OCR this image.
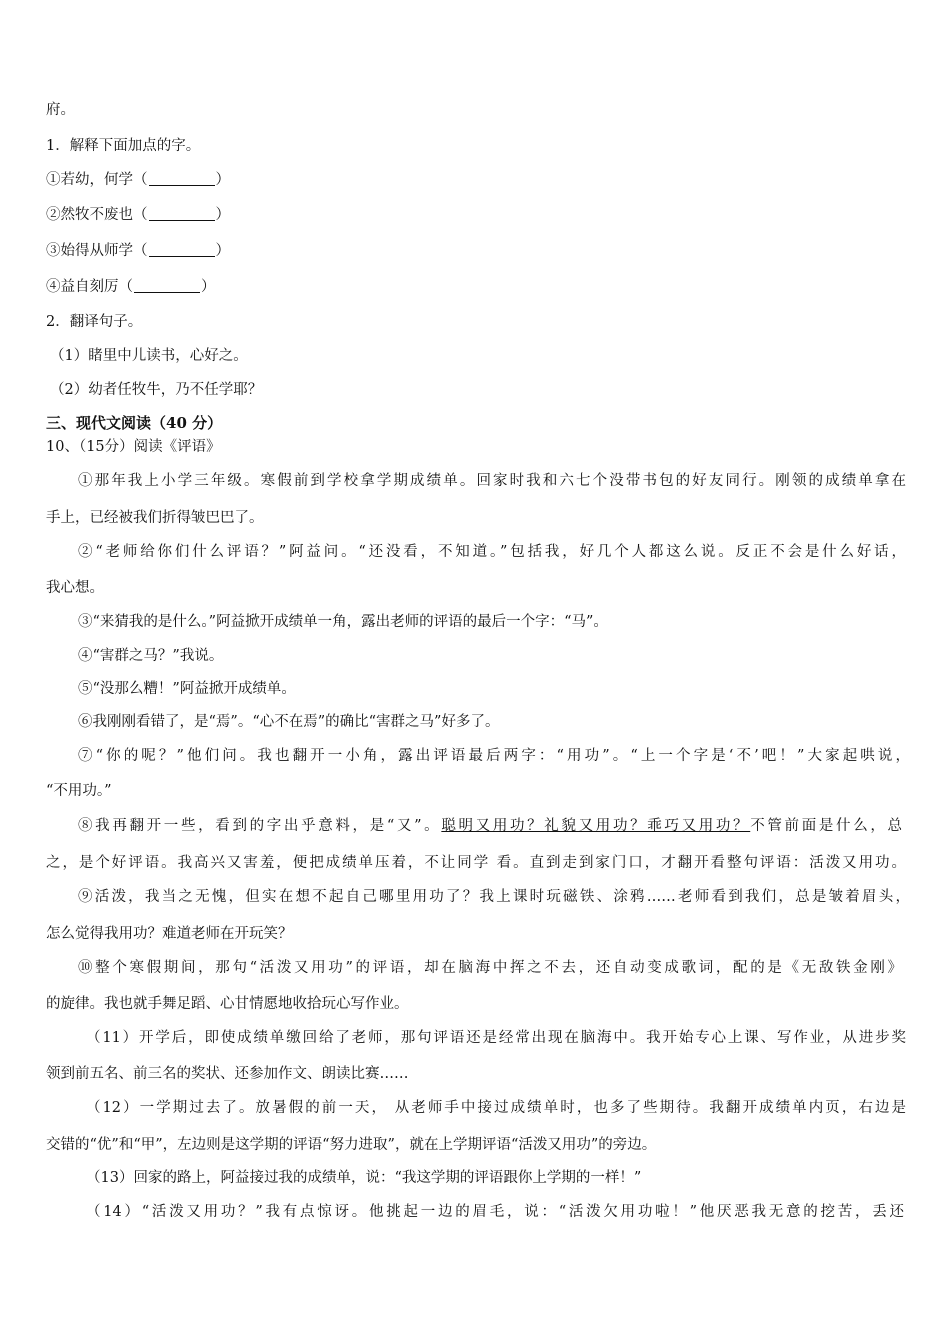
府。
1．解释下面加点的字。
①若幼，何学（	）
②然牧不废也（	）
③始得从师学（	）
④益自刻厉（	）
2．翻译句子。
（1）睹里中儿读书，心好之。
（2）幼者任牧牛，乃不任学耶？
三、现代文阅读（40 分）
10、（15分）阅读《评语》
①那年我上小学三年级。寒假前到学校拿学期成绩单。回家时我和六七个没带书包的好友同行。刚领的成绩单拿在
手上，已经被我们折得皱巴巴了。
②“老师给你们什么评语？”阿益问。“还没看，不知道。”包括我，好几个人都这么说。反正不会是什么好话，
我心想。
③“来猜我的是什么。”阿益掀开成绩单一角，露出老师的评语的最后一个字：“马”。
④“害群之马？”我说。
⑤“没那么糟！”阿益掀开成绩单。
⑥我刚刚看错了，是“焉”。“心不在焉”的确比“害群之马”好多了。
⑦“你的呢？”他们问。我也翻开一小角，露出评语最后两字：“用功”。“上一个字是‘不’吧！”大家起哄说，
“不用功。”
⑧我再翻开一些，看到的字出乎意料，是“又”。聪明又用功？礼貌又用功？乖巧又用功？不管前面是什么，总
之，是个好评语。我高兴又害羞，便把成绩单压着，不让同学 看。直到走到家门口，才翻开看整句评语：活泼又用功。
⑨活泼，我当之无愧，但实在想不起自己哪里用功了？我上课时玩磁铁、涂鸦……老师看到我们，总是皱着眉头，
怎么觉得我用功？难道老师在开玩笑？
⑩整个寒假期间，那句“活泼又用功”的评语，却在脑海中挥之不去，还自动变成歌词，配的是《无敌铁金刚》
的旋律。我也就手舞足蹈、心甘情愿地收拾玩心写作业。
（11）开学后，即使成绩单缴回给了老师，那句评语还是经常出现在脑海中。我开始专心上课、写作业，从进步奖
领到前五名、前三名的奖状、还参加作文、朗读比赛……
（12）一学期过去了。放暑假的前一天， 从老师手中接过成绩单时，也多了些期待。我翻开成绩单内页，右边是
交错的“优”和“甲”，左边则是这学期的评语“努力进取”，就在上学期评语“活泼又用功”的旁边。
（13）回家的路上，阿益接过我的成绩单，说：“我这学期的评语跟你上学期的一样！”
（14）“活泼又用功？”我有点惊讶。他挑起一边的眉毛，说：“活泼欠用功啦！”他厌恶我无意的挖苦，丢还
